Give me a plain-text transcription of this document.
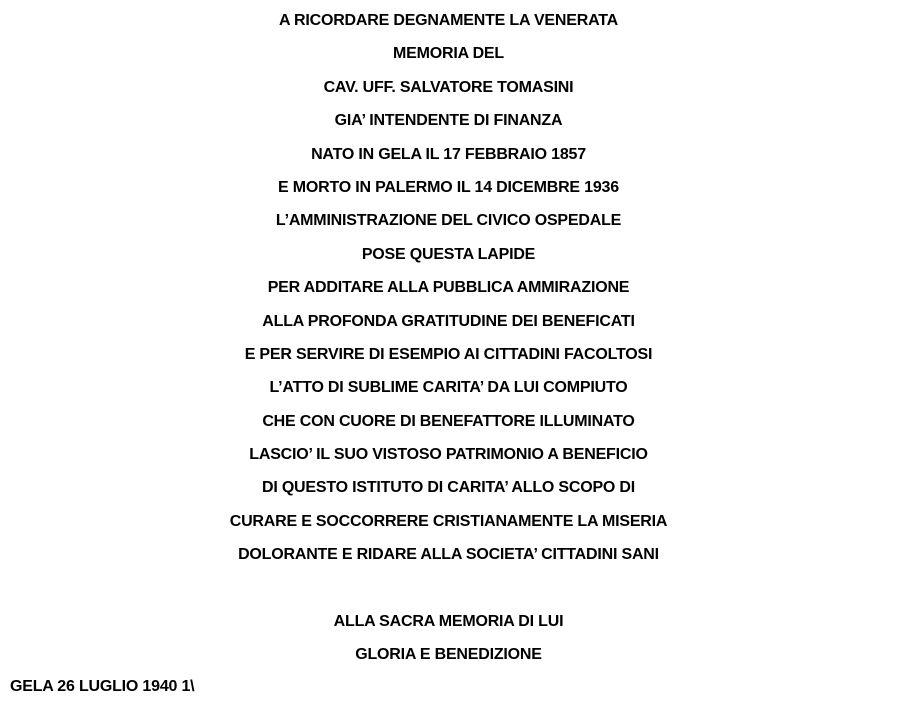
A RICORDARE DEGNAMENTE LA VENERATA
MEMORIA DEL
CAV. UFF. SALVATORE TOMASINI
GIA’ INTENDENTE DI FINANZA
NATO IN GELA IL 17 FEBBRAIO 1857
E MORTO IN PALERMO IL 14 DICEMBRE 1936
L’AMMINISTRAZIONE DEL CIVICO OSPEDALE
POSE QUESTA LAPIDE
PER ADDITARE ALLA PUBBLICA AMMIRAZIONE
ALLA PROFONDA GRATITUDINE DEI BENEFICATI
E PER SERVIRE DI ESEMPIO AI CITTADINI FACOLTOSI
L’ATTO DI SUBLIME CARITA’ DA LUI COMPIUTO
CHE CON CUORE DI BENEFATTORE ILLUMINATO
LASCIO’ IL SUO VISTOSO PATRIMONIO A BENEFICIO
DI QUESTO ISTITUTO DI CARITA’ ALLO SCOPO DI
CURARE E SOCCORRERE CRISTIANAMENTE LA MISERIA
DOLORANTE E RIDARE ALLA SOCIETA’ CITTADINI SANI
ALLA SACRA MEMORIA DI LUI
GLORIA E BENEDIZIONE
GELA 26 LUGLIO 1940 1\
